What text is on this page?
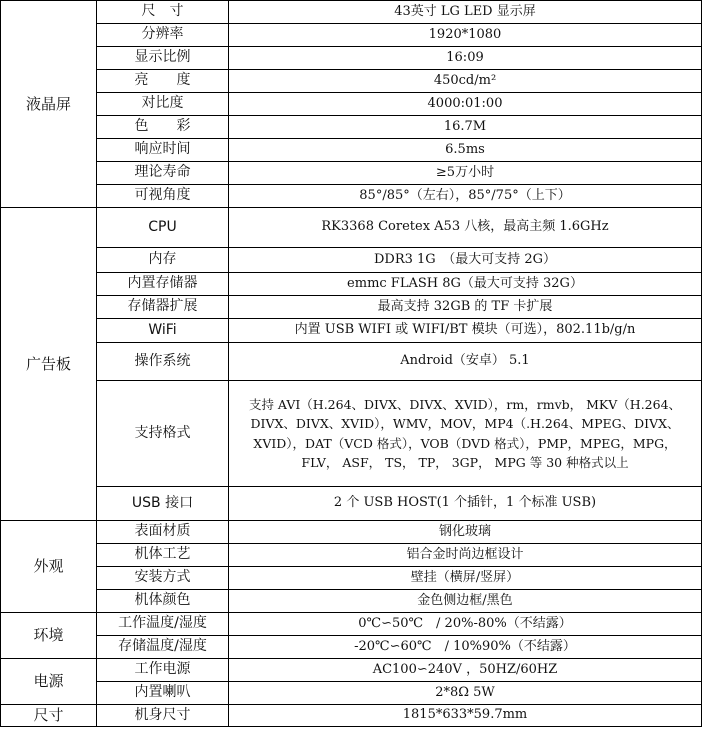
液晶屏	尺　寸	43英寸 LG LED 显示屏
	分辨率	1920*1080
	显示比例	16:09
	亮　　度	450cd/m²
	对比度	4000:01:00
	色　　彩	16.7M
	响应时间	6.5ms
	理论寿命	≥5万小时
	可视角度	85°/85°（左右），85°/75°（上下）
广告板	CPU	RK3368 Coretex A53 八核，最高主频 1.6GHz
	内存	DDR3 1G　（最大可支持 2G）
	内置存储器	emmc FLASH 8G（最大可支持 32G）
	存储器扩展	最高支持 32GB 的 TF 卡扩展
	WiFi	内置 USB WIFI 或 WIFI/BT 模块（可选），802.11b/g/n
	操作系统	Android（安卓） 5.1
	支持格式	支持 AVI（H.264、DIVX、DIVX、XVID），rm，rmvb， MKV（H.264、DIVX、DIVX、XVID），WMV，MOV，MP4（.H.264、MPEG、DIVX、XVID），DAT（VCD 格式），VOB（DVD 格式），PMP，MPEG，MPG，FLV， ASF， TS， TP， 3GP， MPG 等 30 种格式以上
	USB 接口	2 个 USB HOST(1 个插针，1 个标准 USB)
外观	表面材质	钢化玻璃
	机体工艺	铝合金时尚边框设计
	安装方式	壁挂（横屏/竖屏）
	机体颜色	金色侧边框/黑色
环境	工作温度/湿度	0℃∽50℃　/ 20%-80%（不结露）
	存储温度/湿度	-20℃∽60℃　/ 10%90%（不结露）
电源	工作电源	AC100∽240V ，50HZ/60HZ
	内置喇叭	2*8Ω 5W
尺寸	机身尺寸	1815*633*59.7mm
